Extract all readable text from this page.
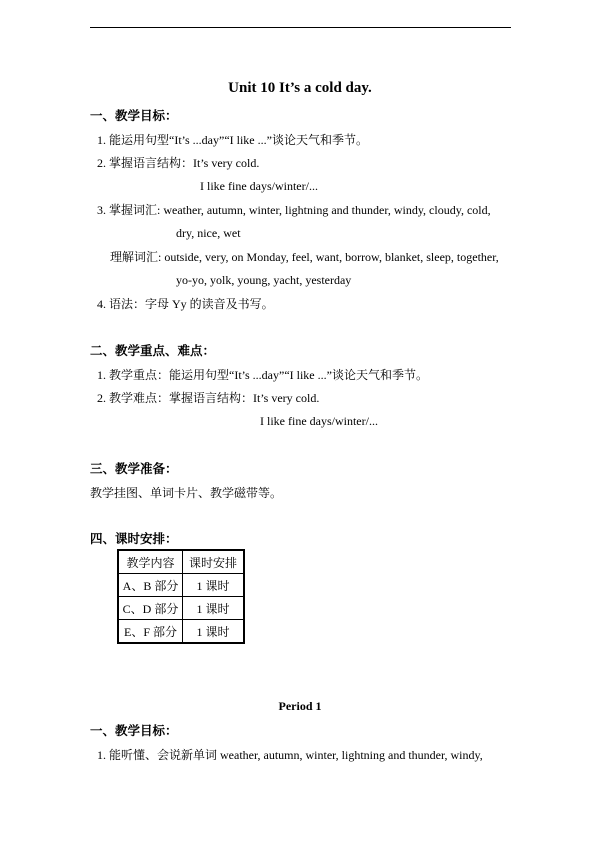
Unit 10 It’s a cold day.
一、教学目标：
1. 能运用句型“It’s ...day”“I like ...”谈论天气和季节。
2. 掌握语言结构：It’s very cold.
I like fine days/winter/...
3. 掌握词汇: weather, autumn, winter, lightning and thunder, windy, cloudy, cold,
dry, nice, wet
理解词汇: outside, very, on Monday, feel, want, borrow, blanket, sleep, together,
yo-yo, yolk, young, yacht, yesterday
4. 语法：字母 Yy 的读音及书写。
二、教学重点、难点：
1. 教学重点：能运用句型“It’s ...day”“I like ...”谈论天气和季节。
2. 教学难点：掌握语言结构：It’s very cold.
I like fine days/winter/...
三、教学准备：
教学挂图、单词卡片、教学磁带等。
四、课时安排：
教学内容	课时安排
A、B 部分	1 课时
C、D 部分	1 课时
E、F 部分	1 课时
Period 1
一、教学目标：
1. 能听懂、会说新单词 weather, autumn, winter, lightning and thunder, windy,
